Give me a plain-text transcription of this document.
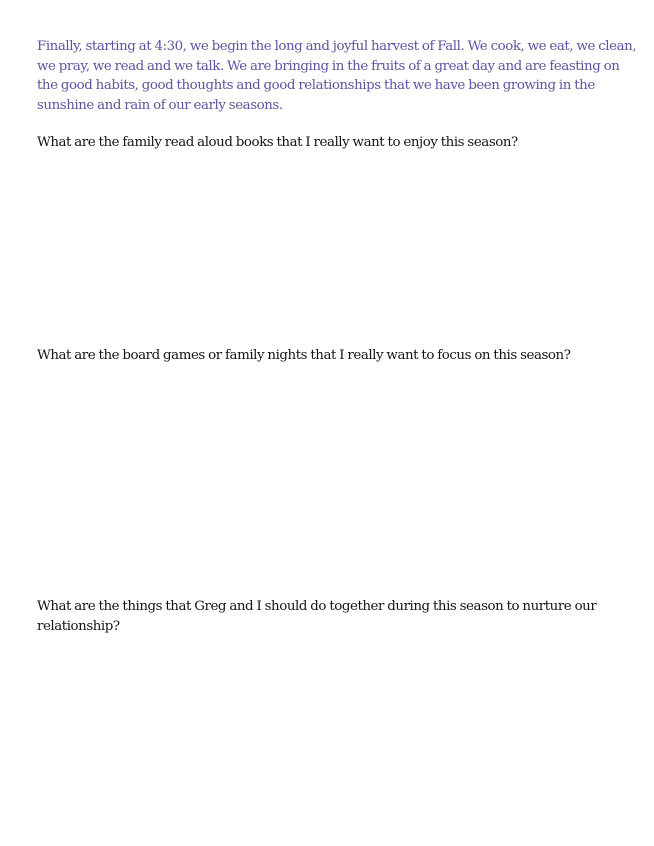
Finally, starting at 4:30, we begin the long and joyful harvest of Fall. We cook, we eat, we clean, we pray, we read and we talk. We are bringing in the fruits of a great day and are feasting on the good habits, good thoughts and good relationships that we have been growing in the sunshine and rain of our early seasons.

What are the family read aloud books that I really want to enjoy this season?

What are the board games or family nights that I really want to focus on this season?

What are the things that Greg and I should do together during this season to nurture our relationship?
